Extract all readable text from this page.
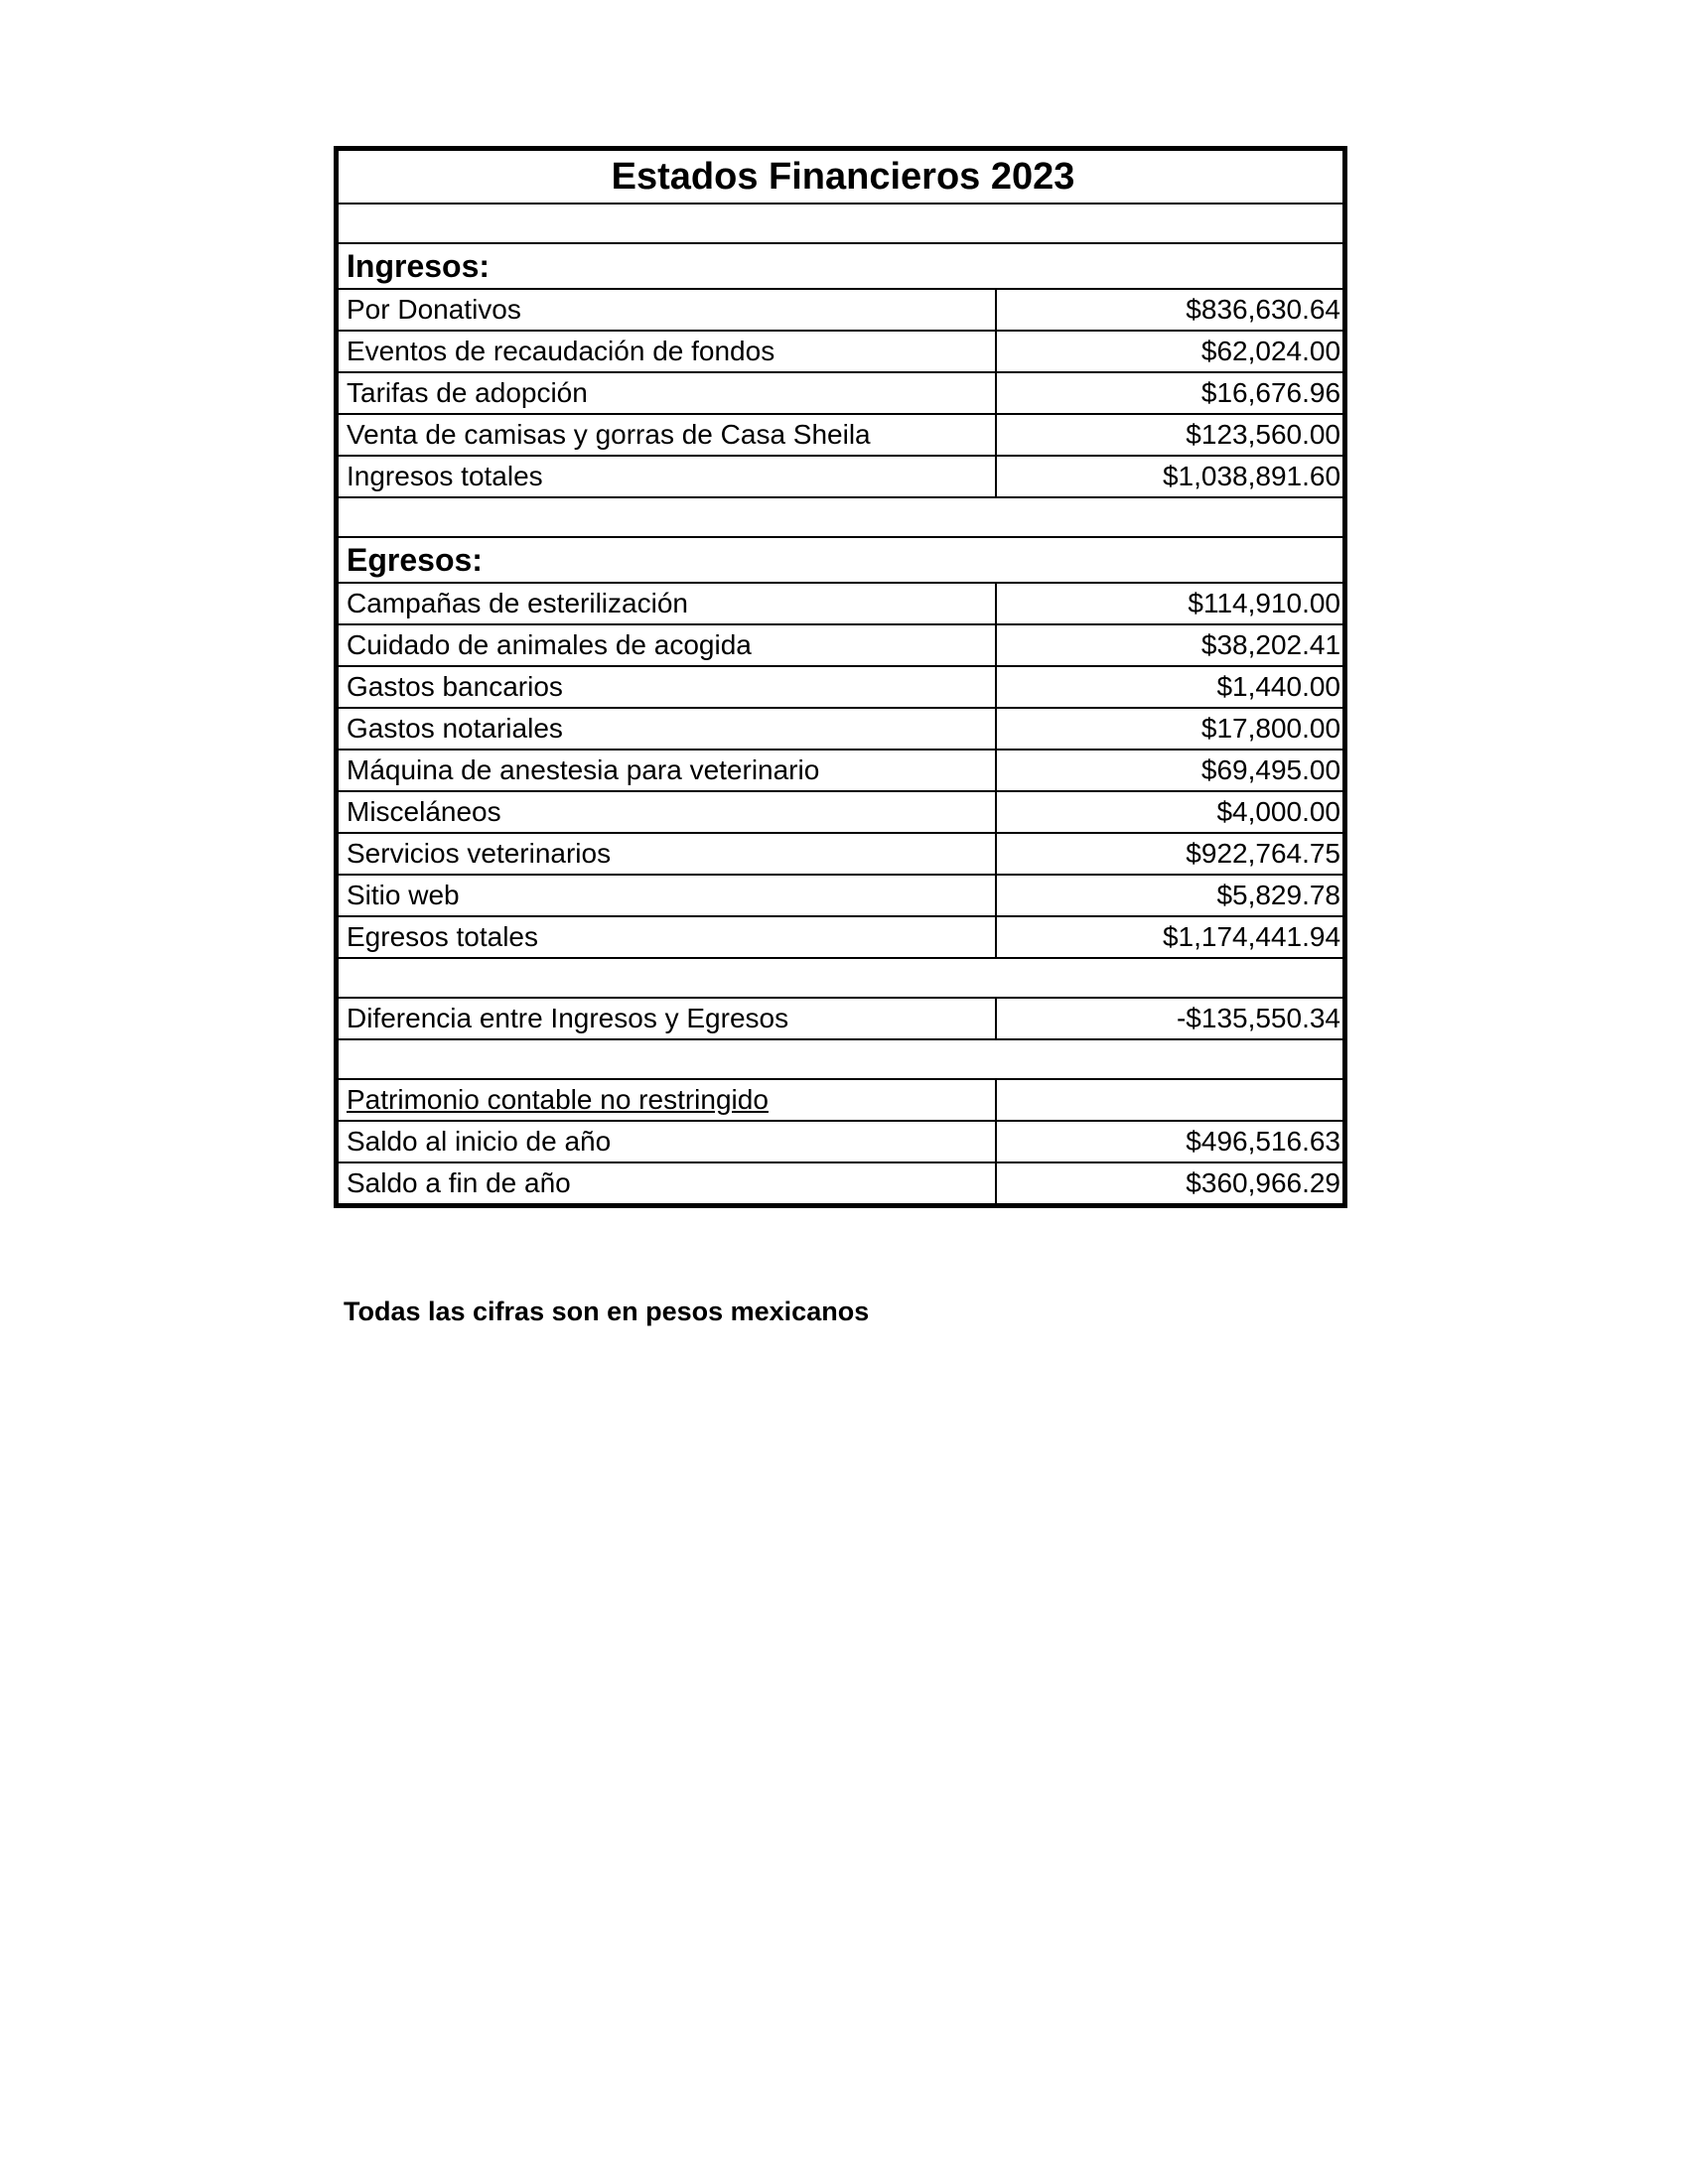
Estados Financieros 2023	

Ingresos:	
Por Donativos	$836,630.64
Eventos de recaudación de fondos	$62,024.00
Tarifas de adopción	$16,676.96
Venta de camisas y gorras de Casa Sheila	$123,560.00
Ingresos totales	$1,038,891.60

Egresos:	
Campañas de esterilización	$114,910.00
Cuidado de animales de acogida	$38,202.41
Gastos bancarios	$1,440.00
Gastos notariales	$17,800.00
Máquina de anestesia para veterinario	$69,495.00
Misceláneos	$4,000.00
Servicios veterinarios	$922,764.75
Sitio web	$5,829.78
Egresos totales	$1,174,441.94

Diferencia entre Ingresos y Egresos	-$135,550.34

Patrimonio contable no restringido	
Saldo al inicio de año	$496,516.63
Saldo a fin de año	$360,966.29
Todas las cifras son en pesos mexicanos
